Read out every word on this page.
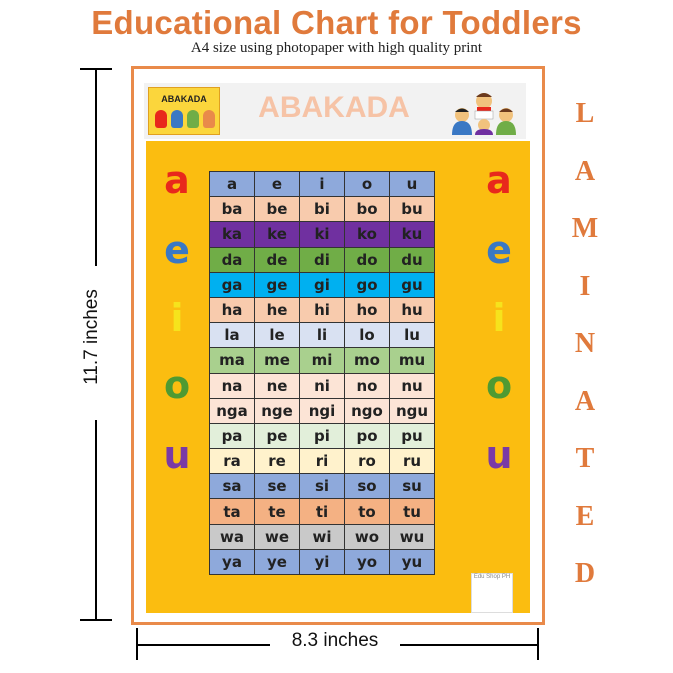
Educational Chart for Toddlers
A4 size using photopaper with high quality print
11.7 inches
8.3 inches
ABAKADA	ABAKADA
a
e
i
o
u
a	e	i	o	u
ba	be	bi	bo	bu
ka	ke	ki	ko	ku
da	de	di	do	du
ga	ge	gi	go	gu
ha	he	hi	ho	hu
la	le	li	lo	lu
ma	me	mi	mo	mu
na	ne	ni	no	nu
nga	nge	ngi	ngo	ngu
pa	pe	pi	po	pu
ra	re	ri	ro	ru
sa	se	si	so	su
ta	te	ti	to	tu
wa	we	wi	wo	wu
ya	ye	yi	yo	yu
a
e
i
o
u
Edu Shop PH
L
A
M
I
N
A
T
E
D
